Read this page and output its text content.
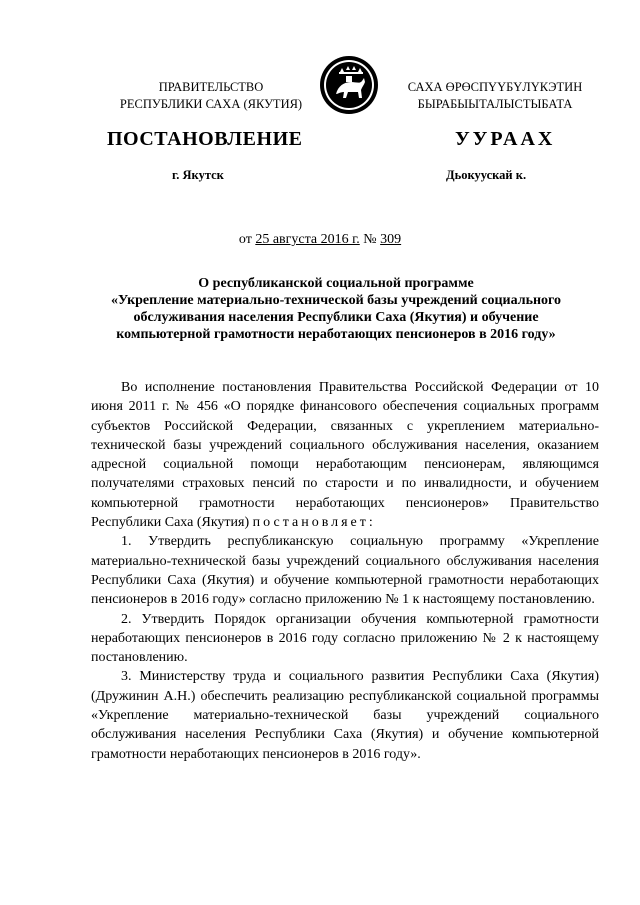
ПРАВИТЕЛЬСТВО
РЕСПУБЛИКИ САХА (ЯКУТИЯ)
САХА ӨРӨСПҮҮБҮЛҮКЭТИН
БЫРАБЫЫТАЛЫСТЫБАТА
ПОСТАНОВЛЕНИЕ	УУРААХ
г. Якутск	Дьокуускай к.
от 25 августа 2016 г. № 309
О республиканской социальной программе
«Укрепление материально-технической базы учреждений социального
обслуживания населения Республики Саха (Якутия) и обучение
компьютерной грамотности неработающих пенсионеров в 2016 году»

Во исполнение постановления Правительства Российской Федерации от 10 июня 2011 г. № 456 «О порядке финансового обеспечения социальных программ субъектов Российской Федерации, связанных с укреплением материально-технической базы учреждений социального обслуживания населения, оказанием адресной социальной помощи неработающим пенсионерам, являющимся получателями страховых пенсий по старости и по инвалидности, и обучением компьютерной грамотности неработающих пенсионеров» Правительство Республики Саха (Якутия) постановляет:

1. Утвердить республиканскую социальную программу «Укрепление материально-технической базы учреждений социального обслуживания населения Республики Саха (Якутия) и обучение компьютерной грамотности неработающих пенсионеров в 2016 году» согласно приложению № 1 к настоящему постановлению.

2. Утвердить Порядок организации обучения компьютерной грамотности неработающих пенсионеров в 2016 году согласно приложению № 2 к настоящему постановлению.

3. Министерству труда и социального развития Республики Саха (Якутия) (Дружинин А.Н.) обеспечить реализацию республиканской социальной программы «Укрепление материально-технической базы учреждений социального обслуживания населения Республики Саха (Якутия) и обучение компьютерной грамотности неработающих пенсионеров в 2016 году».
